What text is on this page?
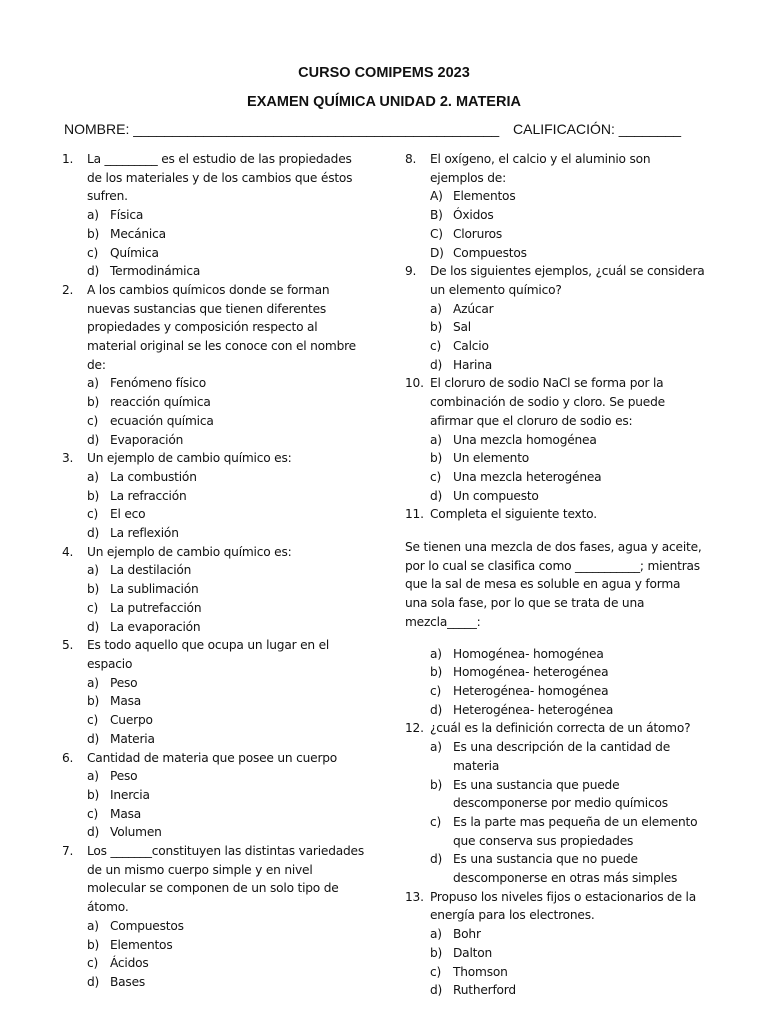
CURSO COMIPEMS 2023
EXAMEN QUÍMICA UNIDAD 2. MATERIA
NOMBRE: _______________________________________________ CALIFICACIÓN: ________
1. La _________ es el estudio de las propiedades de los materiales y de los cambios que éstos sufren.
a) Física
b) Mecánica
c) Química
d) Termodinámica
2. A los cambios químicos donde se forman nuevas sustancias que tienen diferentes propiedades y composición respecto al material original se les conoce con el nombre de:
a) Fenómeno físico
b) reacción química
c) ecuación química
d) Evaporación
3. Un ejemplo de cambio químico es:
a) La combustión
b) La refracción
c) El eco
d) La reflexión
4. Un ejemplo de cambio químico es:
a) La destilación
b) La sublimación
c) La putrefacción
d) La evaporación
5. Es todo aquello que ocupa un lugar en el espacio
a) Peso
b) Masa
c) Cuerpo
d) Materia
6. Cantidad de materia que posee un cuerpo
a) Peso
b) Inercia
c) Masa
d) Volumen
7. Los _______constituyen las distintas variedades de un mismo cuerpo simple y en nivel molecular se componen de un solo tipo de átomo.
a) Compuestos
b) Elementos
c) Ácidos
d) Bases
8. El oxígeno, el calcio y el aluminio son ejemplos de:
A) Elementos
B) Óxidos
C) Cloruros
D) Compuestos
9. De los siguientes ejemplos, ¿cuál se considera un elemento químico?
a) Azúcar
b) Sal
c) Calcio
d) Harina
10. El cloruro de sodio NaCl se forma por la combinación de sodio y cloro. Se puede afirmar que el cloruro de sodio es:
a) Una mezcla homogénea
b) Un elemento
c) Una mezcla heterogénea
d) Un compuesto
11. Completa el siguiente texto.
Se tienen una mezcla de dos fases, agua y aceite, por lo cual se clasifica como ___________; mientras que la sal de mesa es soluble en agua y forma una sola fase, por lo que se trata de una mezcla_____:
a) Homogénea- homogénea
b) Homogénea- heterogénea
c) Heterogénea- homogénea
d) Heterogénea- heterogénea
12. ¿cuál es la definición correcta de un átomo?
a) Es una descripción de la cantidad de materia
b) Es una sustancia que puede descomponerse por medio químicos
c) Es la parte mas pequeña de un elemento que conserva sus propiedades
d) Es una sustancia que no puede descomponerse en otras más simples
13. Propuso los niveles fijos o estacionarios de la energía para los electrones.
a) Bohr
b) Dalton
c) Thomson
d) Rutherford
